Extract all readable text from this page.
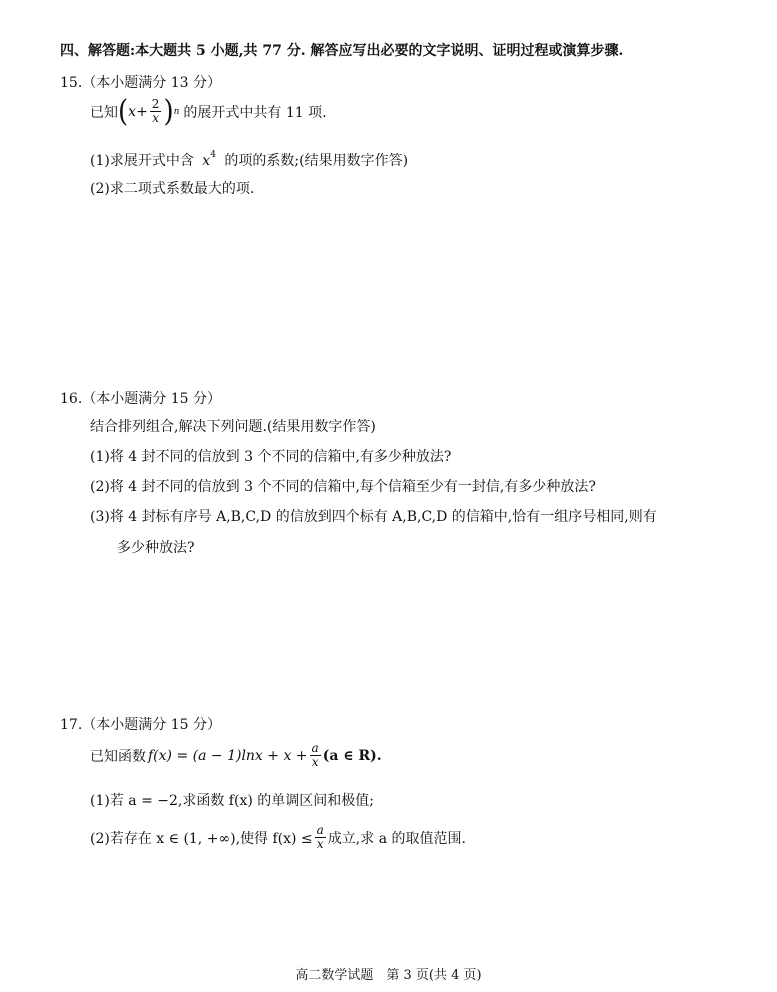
四、解答题:本大题共 5 小题,共 77 分. 解答应写出必要的文字说明、证明过程或演算步骤.
15.（本小题满分 13 分）
已知 ( $x + \frac{2}{x}$ ) n 的展开式中共有 11 项.
(1)求展开式中含 $x^4$ 的项的系数;(结果用数字作答)
(2)求二项式系数最大的项.
16.（本小题满分 15 分）
结合排列组合,解决下列问题.(结果用数字作答)
(1)将 4 封不同的信放到 3 个不同的信箱中,有多少种放法?
(2)将 4 封不同的信放到 3 个不同的信箱中,每个信箱至少有一封信,有多少种放法?
(3)将 4 封标有序号 A,B,C,D 的信放到四个标有 A,B,C,D 的信箱中,恰有一组序号相同,则有
多少种放法?
17.（本小题满分 15 分）
已知函数 $f(x) = (a - 1)\ln x + x + \frac{a}{x} (a$ ∈ R).
(1)若 a = −2,求函数 f(x) 的单调区间和极值;
(2)若存在 x ∈ (1, +∞),使得 $f(x) \le \frac{a}{x}$ 成立,求 a 的取值范围.
高二数学试题　第 3 页(共 4 页)
